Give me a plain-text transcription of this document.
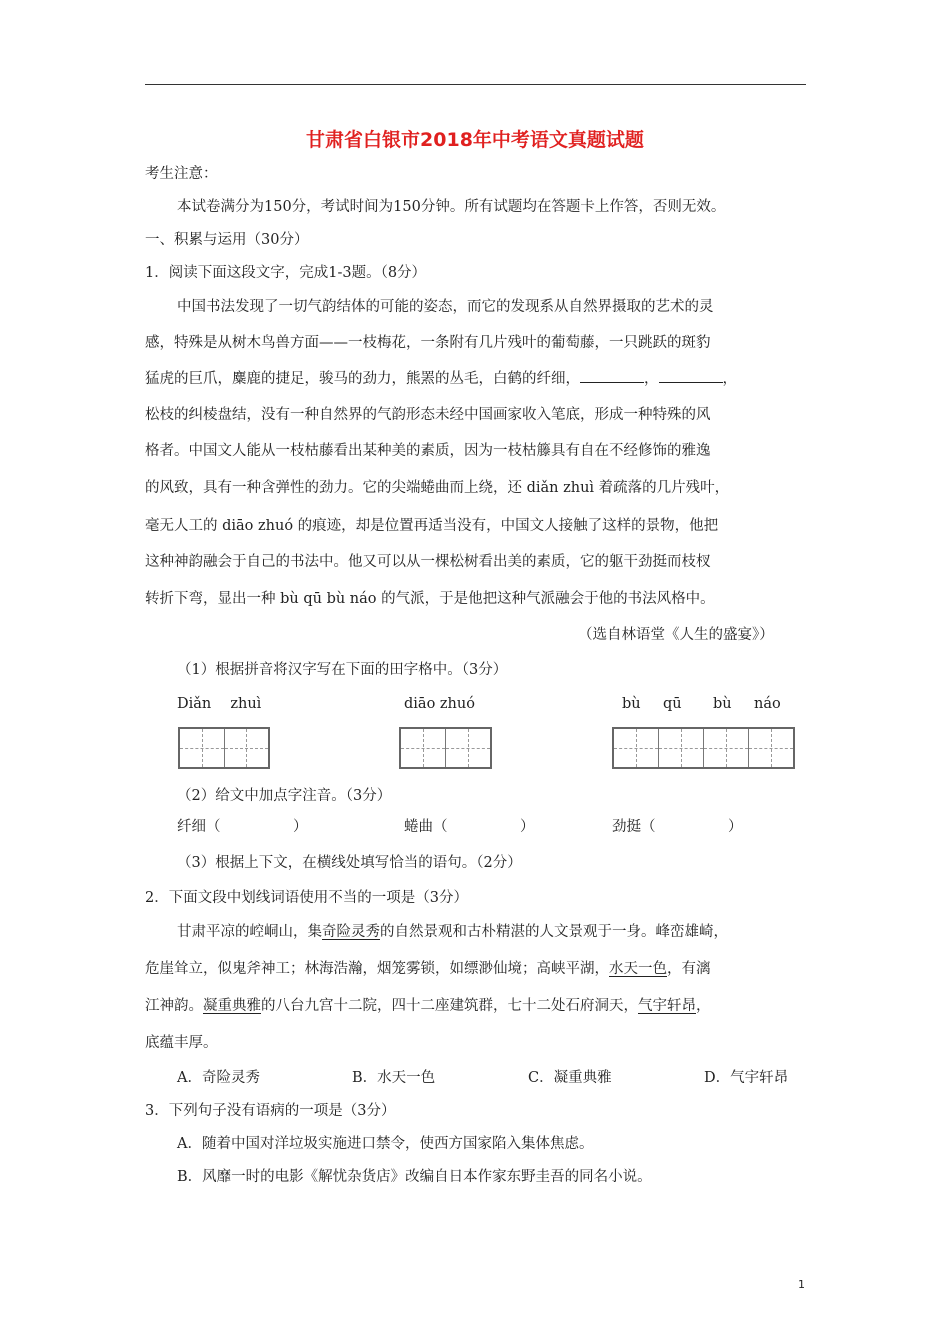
甘肃省白银市2018年中考语文真题试题
考生注意：
本试卷满分为150分，考试时间为150分钟。所有试题均在答题卡上作答，否则无效。
一、积累与运用（30分）
1．阅读下面这段文字，完成1-3题。（8分）
中国书法发现了一切气韵结体的可能的姿态，而它的发现系从自然界摄取的艺术的灵
感，特殊是从树木鸟兽方面——一枝梅花，一条附有几片残叶的葡萄藤，一只跳跃的斑豹
猛虎的巨爪，麋鹿的捷足，骏马的劲力，熊罴的丛毛，白鹤的纤细，	，	，
松枝的纠棱盘结，没有一种自然界的气韵形态未经中国画家收入笔底，形成一种特殊的风
格者。中国文人能从一枝枯藤看出某种美的素质，因为一枝枯籐具有自在不经修饰的雅逸
的风致，具有一种含弹性的劲力。它的尖端蜷曲而上绕，还 diǎn zhuì 着疏落的几片残叶，
毫无人工的 diāo zhuó 的痕迹，却是位置再适当没有，中国文人接触了这样的景物，他把
这种神韵融会于自己的书法中。他又可以从一棵松树看出美的素质，它的躯干劲挺而枝杈
转折下弯，显出一种 bù qū bù náo 的气派，于是他把这种气派融会于他的书法风格中。
（选自林语堂《人生的盛宴》）
（1）根据拼音将汉字写在下面的田字格中。（3分）
Diǎn　 zhuì	diāo zhuó	bù qū bù náo
（2）给文中加点字注音。（3分）
纤细（　　　　　）	蜷曲（　　　　　）	劲挺（　　　　　）
（3）根据上下文，在横线处填写恰当的语句。（2分）
2．下面文段中划线词语使用不当的一项是（3分）
甘肃平凉的崆峒山，集奇险灵秀的自然景观和古朴精湛的人文景观于一身。峰峦雄崎，
危崖耸立，似鬼斧神工；林海浩瀚，烟笼雾锁，如缥渺仙境；高峡平湖，水天一色，有漓
江神韵。凝重典雅的八台九宫十二院，四十二座建筑群，七十二处石府洞天，气宇轩昂，
底蕴丰厚。
A．奇险灵秀	B．水天一色	C．凝重典雅	D．气宇轩昂
3．下列句子没有语病的一项是（3分）
A．随着中国对洋垃圾实施进口禁令，使西方国家陷入集体焦虑。
B．风靡一时的电影《解忧杂货店》改编自日本作家东野圭吾的同名小说。
1
